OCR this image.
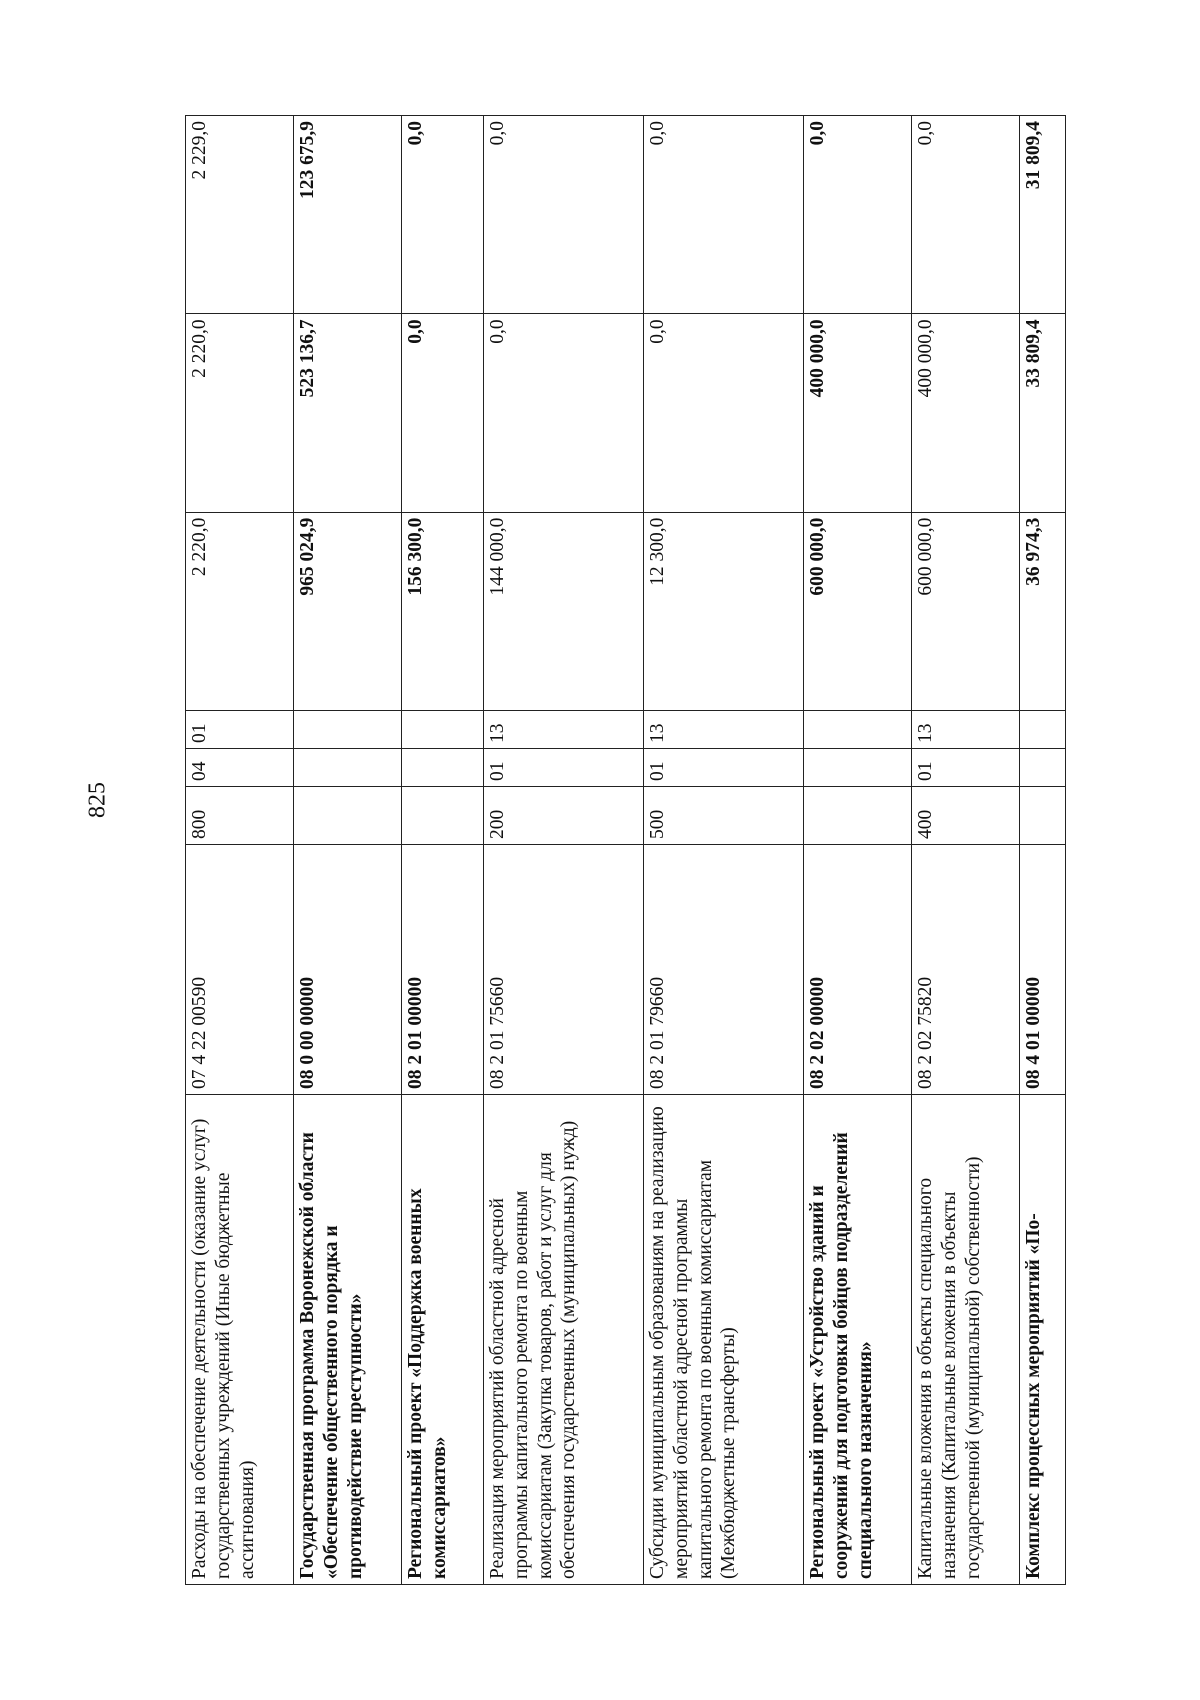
825
Расходы на обеспечение деятельности (оказание услуг) государственных учреждений (Иные бюджетные ассигнования)	07 4 22 00590	800	04	01	2 220,0	2 220,0	2 229,0
Государственная программа Воронежской области «Обеспечение общественного порядка и противодействие преступности»	08 0 00 00000				965 024,9	523 136,7	123 675,9
Региональный проект «Поддержка военных комиссариатов»	08 2 01 00000				156 300,0	0,0	0,0
Реализация мероприятий областной адресной программы капитального ремонта по военным комиссариатам (Закупка товаров, работ и услуг для обеспечения государственных (муниципальных) нужд)	08 2 01 75660	200	01	13	144 000,0	0,0	0,0
Субсидии муниципальным образованиям на реализацию мероприятий областной адресной программы капитального ремонта по военным комиссариатам (Межбюджетные трансферты)	08 2 01 79660	500	01	13	12 300,0	0,0	0,0
Региональный проект «Устройство зданий и сооружений для подготовки бойцов подразделений специального назначения»	08 2 02 00000				600 000,0	400 000,0	0,0
Капитальные вложения в объекты специального назначения (Капитальные вложения в объекты государственной (муниципальной) собственности)	08 2 02 75820	400	01	13	600 000,0	400 000,0	0,0
Комплекс процессных мероприятий «По-	08 4 01 00000				36 974,3	33 809,4	31 809,4
